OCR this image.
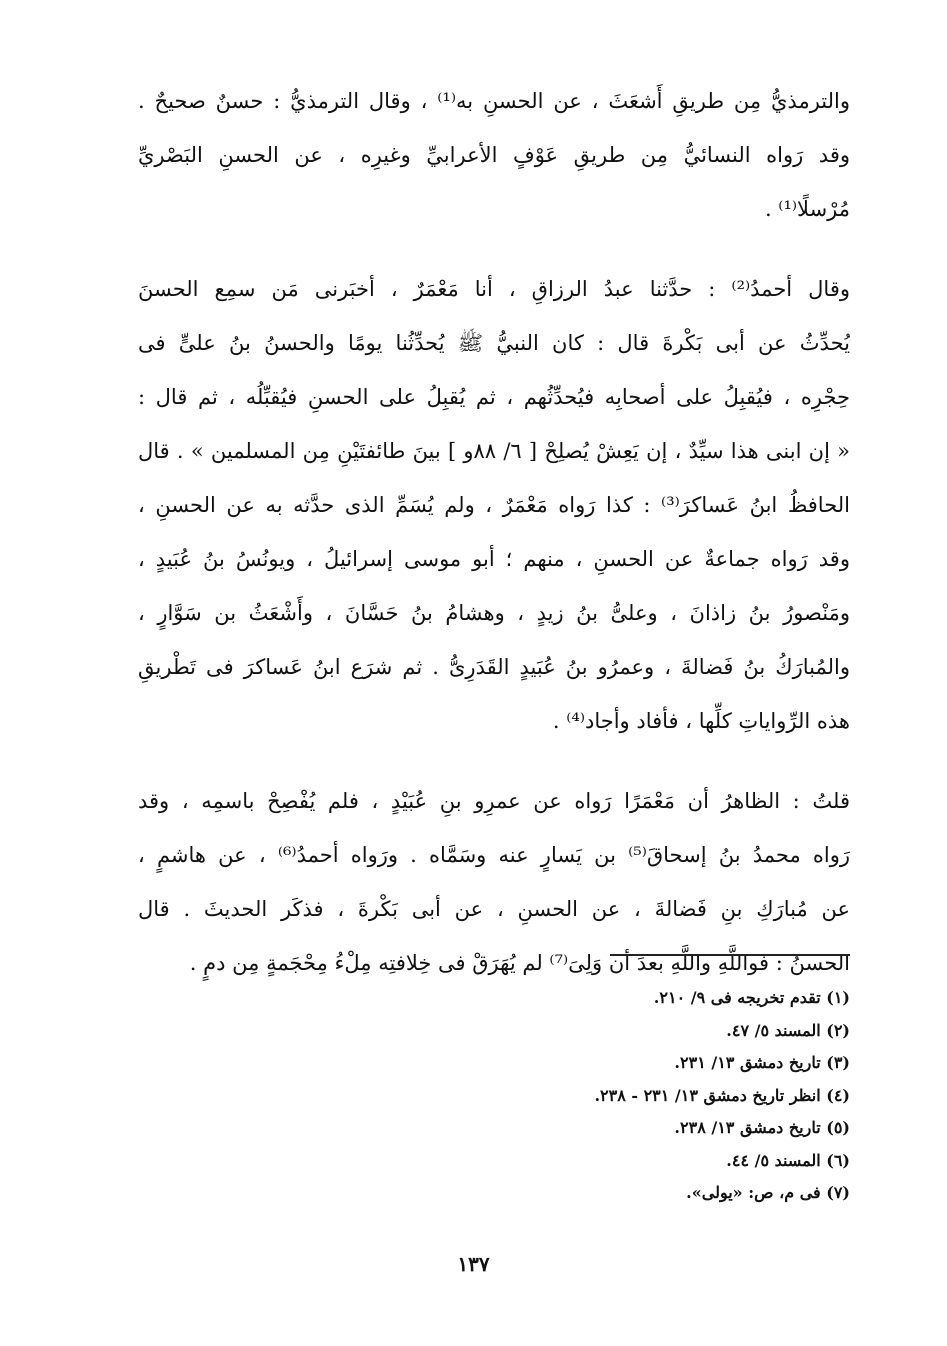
والترمذيُّ مِن طريقِ أَشعَثَ ، عن الحسنِ به⁽¹⁾ ، وقال الترمذيُّ : حسنٌ صحيحٌ .
وقد رَواه النسائيُّ مِن طريقِ عَوْفٍ الأعرابيِّ وغيرِه ، عن الحسنِ البَصْريِّ
مُرْسلًا⁽¹⁾ .
وقال أحمدُ⁽²⁾ : حدَّثنا عبدُ الرزاقِ ، أنا مَعْمَرٌ ، أخبَرنى مَن سمِع الحسنَ
يُحدِّثُ عن أبى بَكْرةَ قال : كان النبيُّ ﷺ يُحدِّثُنا يومًا والحسنُ بنُ علىٍّ فى
حِجْرِه ، فيُقبِلُ على أصحابِه فيُحدِّثُهم ، ثم يُقبِلُ على الحسنِ فيُقبِّلُه ، ثم قال :
« إن ابنى هذا سيِّدٌ ، إن يَعِشْ يُصلِحْ [ ٦/ ٨٨و ] بينَ طائفتَيْنِ مِن المسلمين » . قال
الحافظُ ابنُ عَساكرَ⁽³⁾ : كذا رَواه مَعْمَرٌ ، ولم يُسَمِّ الذى حدَّثه به عن الحسنِ ،
وقد رَواه جماعةٌ عن الحسنِ ، منهم ؛ أبو موسى إسرائيلُ ، ويونُسُ بنُ عُبَيدٍ ،
ومَنْصورُ بنُ زاذانَ ، وعلىُّ بنُ زيدٍ ، وهشامُ بنُ حَسَّانَ ، وأَشْعَثُ بن سَوَّارٍ ،
والمُبارَكُ بنُ فَضالةَ ، وعمرُو بنُ عُبَيدٍ القَدَرِىُّ . ثم شرَع ابنُ عَساكرَ فى تَطْريقِ
هذه الرِّواياتِ كلِّها ، فأفاد وأجاد⁽⁴⁾ .
قلتُ : الظاهرُ أن مَعْمَرًا رَواه عن عمرِو بنِ عُبَيْدٍ ، فلم يُفْصِحْ باسمِه ، وقد
رَواه محمدُ بنُ إسحاقَ⁽⁵⁾ بن يَسارٍ عنه وسَمَّاه . ورَواه أحمدُ⁽⁶⁾ ، عن هاشمٍ ،
عن مُبارَكِ بنِ فَضالةَ ، عن الحسنِ ، عن أبى بَكْرةَ ، فذكَر الحديثَ . قال
الحسنُ : فواللَّهِ واللَّهِ بعدَ أن وَلِىَ⁽⁷⁾ لم يُهَرَقْ فى خِلافتِه مِلْءُ مِحْجَمةٍ مِن دمٍ .
(١) تقدم تخريجه فى ٩/ ٢١٠.
(٢) المسند ٥/ ٤٧.
(٣) تاريخ دمشق ١٣/ ٢٣١.
(٤) انظر تاريخ دمشق ١٣/ ٢٣١ - ٢٣٨.
(٥) تاريخ دمشق ١٣/ ٢٣٨.
(٦) المسند ٥/ ٤٤.
(٧) فى م، ص: «يولى».
١٣٧
